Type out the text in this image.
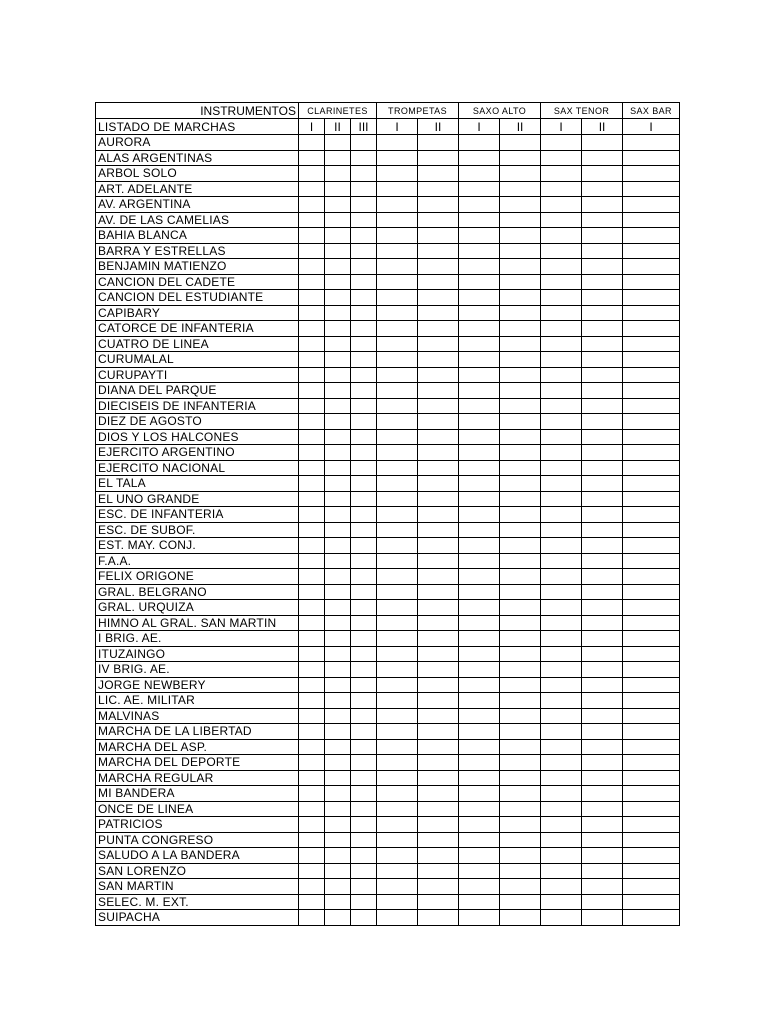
INSTRUMENTOS	CLARINETES			TROMPETAS		SAXO ALTO		SAX TENOR		SAX BAR
LISTADO DE MARCHAS	I	II	III	I	II	I	II	I	II	I
AURORA										
ALAS ARGENTINAS										
ARBOL SOLO										
ART. ADELANTE										
AV. ARGENTINA										
AV. DE LAS CAMELIAS										
BAHIA BLANCA										
BARRA Y ESTRELLAS										
BENJAMIN MATIENZO										
CANCION DEL CADETE										
CANCION DEL ESTUDIANTE										
CAPIBARY										
CATORCE DE INFANTERIA										
CUATRO DE LINEA										
CURUMALAL										
CURUPAYTI										
DIANA DEL PARQUE										
DIECISEIS DE INFANTERIA										
DIEZ DE AGOSTO										
DIOS Y LOS HALCONES										
EJERCITO ARGENTINO										
EJERCITO NACIONAL										
EL TALA										
EL UNO GRANDE										
ESC. DE INFANTERIA										
ESC. DE SUBOF.										
EST. MAY. CONJ.										
F.A.A.										
FELIX ORIGONE										
GRAL. BELGRANO										
GRAL. URQUIZA										
HIMNO AL GRAL. SAN MARTIN										
I BRIG. AE.										
ITUZAINGO										
IV BRIG. AE.										
JORGE NEWBERY										
LIC. AE. MILITAR										
MALVINAS										
MARCHA DE LA LIBERTAD										
MARCHA DEL ASP.										
MARCHA DEL DEPORTE										
MARCHA REGULAR										
MI BANDERA										
ONCE DE LINEA										
PATRICIOS										
PUNTA CONGRESO										
SALUDO A LA BANDERA										
SAN LORENZO										
SAN MARTIN										
SELEC. M. EXT.										
SUIPACHA										
